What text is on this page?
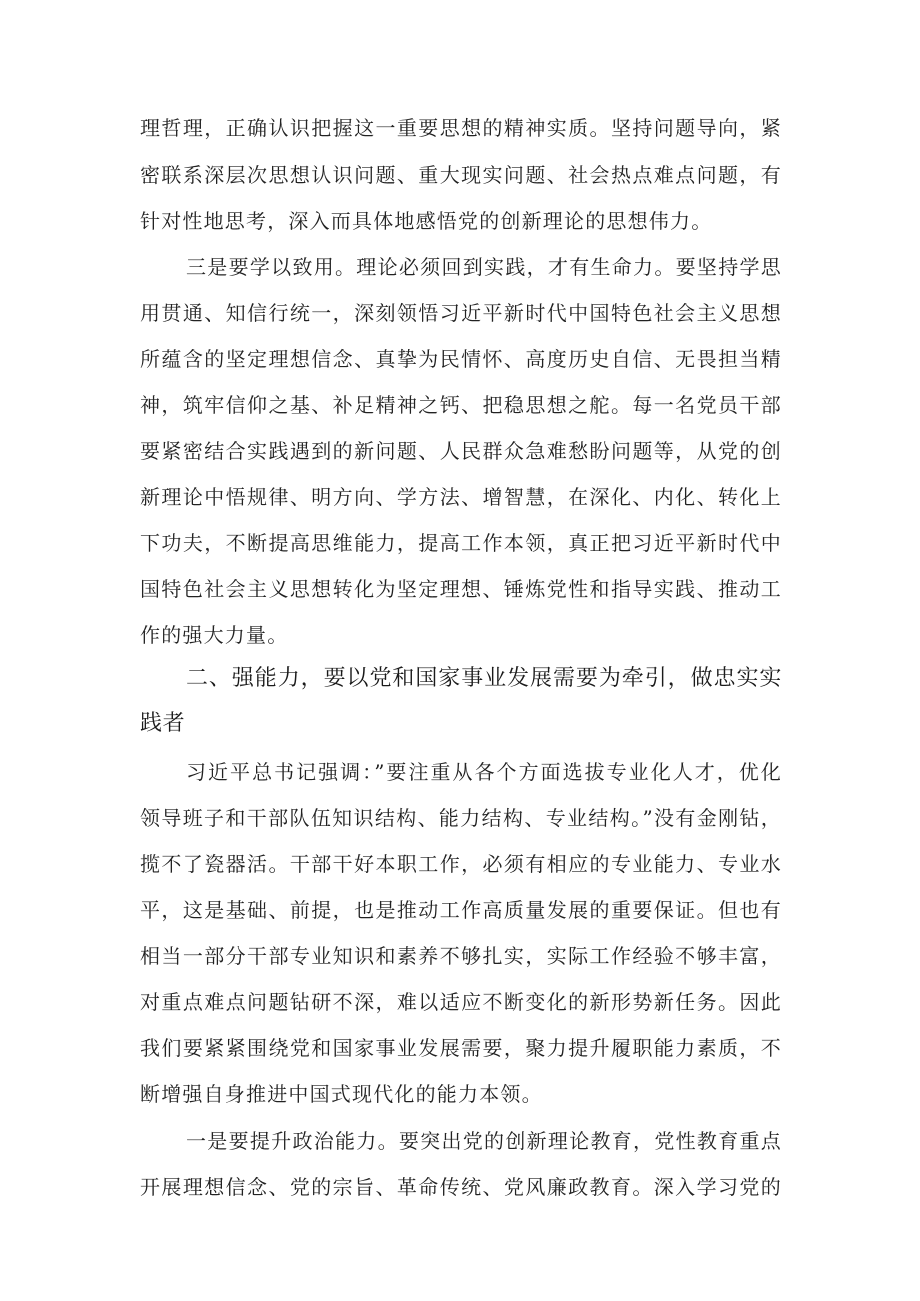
理哲理，正确认识把握这一重要思想的精神实质。坚持问题导向，紧
密联系深层次思想认识问题、重大现实问题、社会热点难点问题，有
针对性地思考，深入而具体地感悟党的创新理论的思想伟力。
三是要学以致用。理论必须回到实践，才有生命力。要坚持学思
用贯通、知信行统一，深刻领悟习近平新时代中国特色社会主义思想
所蕴含的坚定理想信念、真挚为民情怀、高度历史自信、无畏担当精
神，筑牢信仰之基、补足精神之钙、把稳思想之舵。每一名党员干部
要紧密结合实践遇到的新问题、人民群众急难愁盼问题等，从党的创
新理论中悟规律、明方向、学方法、增智慧，在深化、内化、转化上
下功夫，不断提高思维能力，提高工作本领，真正把习近平新时代中
国特色社会主义思想转化为坚定理想、锤炼党性和指导实践、推动工
作的强大力量。
二、强能力，要以党和国家事业发展需要为牵引，做忠实实
践者
习近平总书记强调：”要注重从各个方面选拔专业化人才，优化
领导班子和干部队伍知识结构、能力结构、专业结构。”没有金刚钻，
揽不了瓷器活。干部干好本职工作，必须有相应的专业能力、专业水
平，这是基础、前提，也是推动工作高质量发展的重要保证。但也有
相当一部分干部专业知识和素养不够扎实，实际工作经验不够丰富，
对重点难点问题钻研不深，难以适应不断变化的新形势新任务。因此
我们要紧紧围绕党和国家事业发展需要，聚力提升履职能力素质，不
断增强自身推进中国式现代化的能力本领。
一是要提升政治能力。要突出党的创新理论教育，党性教育重点
开展理想信念、党的宗旨、革命传统、党风廉政教育。深入学习党的
